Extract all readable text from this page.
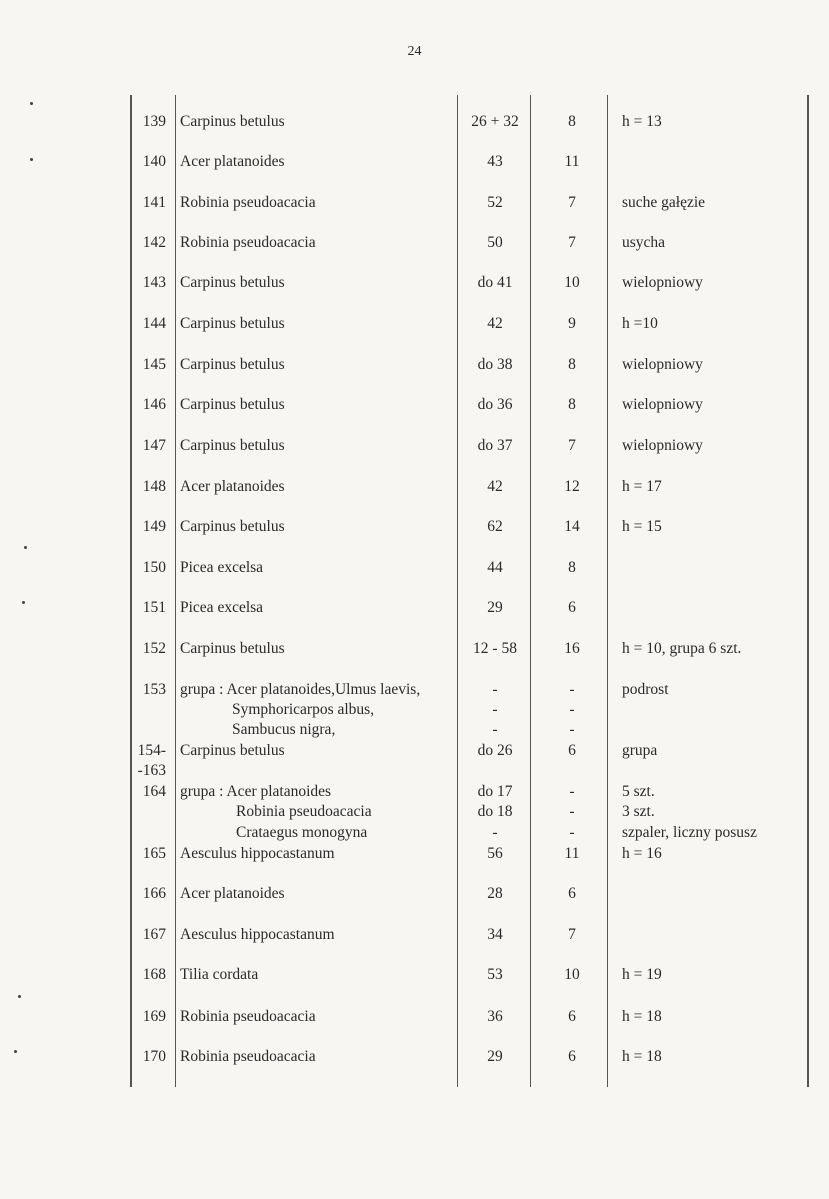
24
139 Carpinus betulus	26 + 32	8	h = 13
140 Acer platanoides	43	11
141 Robinia pseudoacacia	52	7	suche gałęzie
142 Robinia pseudoacacia	50	7	usycha
143 Carpinus betulus	do 41	10	wielopniowy
144 Carpinus betulus	42	9	h =10
145 Carpinus betulus	do 38	8	wielopniowy
146 Carpinus betulus	do 36	8	wielopniowy
147 Carpinus betulus	do 37	7	wielopniowy
148 Acer platanoides	42	12	h = 17
149 Carpinus betulus	62	14	h = 15
150 Picea excelsa	44	8
151 Picea excelsa	29	6
152 Carpinus betulus	12 - 58	16	h = 10, grupa 6 szt.
153 grupa : Acer platanoides,Ulmus laevis,	-	-	podrost
Symphoricarpos albus,	-	-
Sambucus nigra,	-	-
154- Carpinus betulus	do 26	6	grupa
-163
164 grupa : Acer platanoides	do 17	-	5 szt.
Robinia pseudoacacia	do 18	-	3 szt.
Crataegus monogyna	-	-	szpaler, liczny posusz
165 Aesculus hippocastanum	56	11	h = 16
166 Acer platanoides	28	6
167 Aesculus hippocastanum	34	7
168 Tilia cordata	53	10	h = 19
169 Robinia pseudoacacia	36	6	h = 18
170 Robinia pseudoacacia	29	6	h = 18
